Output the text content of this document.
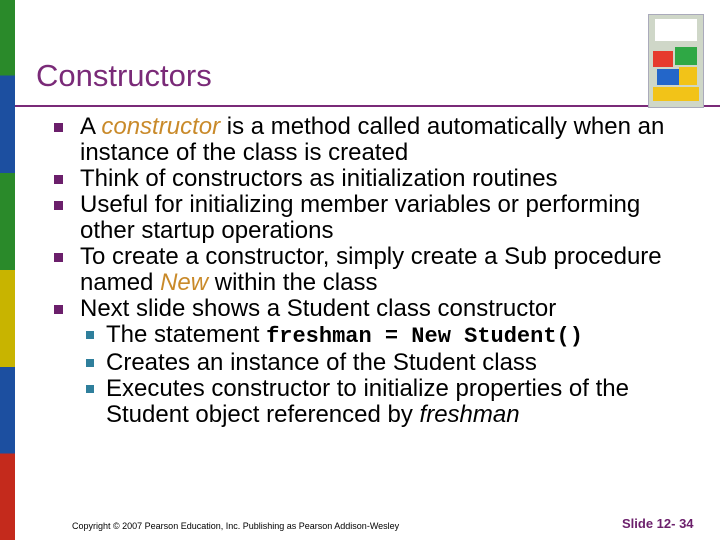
Constructors
A constructor is a method called automatically when an instance of the class is created
Think of constructors as initialization routines
Useful for initializing member variables or performing other startup operations
To create a constructor, simply create a Sub procedure named New within the class
Next slide shows a Student class constructor
The statement freshman = New Student()
Creates an instance of the Student class
Executes constructor to initialize properties of the Student object referenced by freshman
Copyright © 2007 Pearson Education, Inc. Publishing as Pearson Addison-Wesley	Slide 12- 34
